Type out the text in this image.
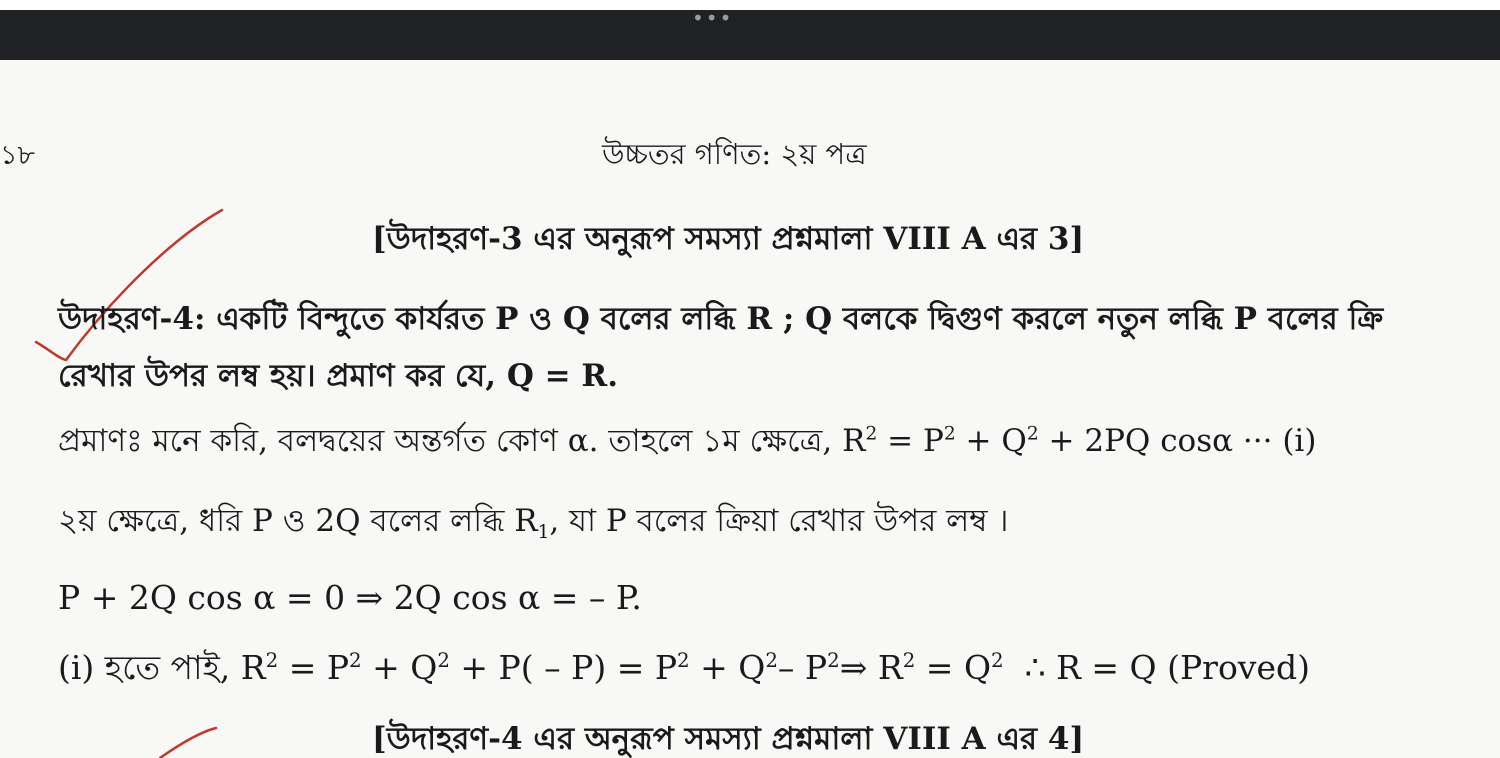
•••
১৮	উচ্চতর গণিত: ২য় পত্র
[উদাহরণ-3 এর অনুরূপ সমস্যা প্রশ্নমালা VIII A এর 3]
উদাহরণ-4: একটি বিন্দুতে কার্যরত P ও Q বলের লব্ধি R ; Q বলকে দ্বিগুণ করলে নতুন লব্ধি P বলের ক্রি
রেখার উপর লম্ব হয়। প্রমাণ কর যে, Q = R.
প্রমাণঃ মনে করি, বলদ্বয়ের অন্তর্গত কোণ α. তাহলে ১ম ক্ষেত্রে, $R^2 = P^2 + Q^2 + 2PQ$ cosα ··· (i)
২য় ক্ষেত্রে, ধরি P ও 2Q বলের লব্ধি $R_1$, যা P বলের ক্রিয়া রেখার উপর লম্ব ।
P + 2Q cos α = 0 ⇒ 2Q cos α = – P.
(i) হতে পাই, $R^2 = P^2 + Q^2 + P( - P) = P^2 + Q^2-$ $P^2\Rightarrow$ $R^2 = Q^2$ ∴ R = Q (Proved)
[উদাহরণ-4 এর অনুরূপ সমস্যা প্রশ্নমালা VIII A এর 4]
